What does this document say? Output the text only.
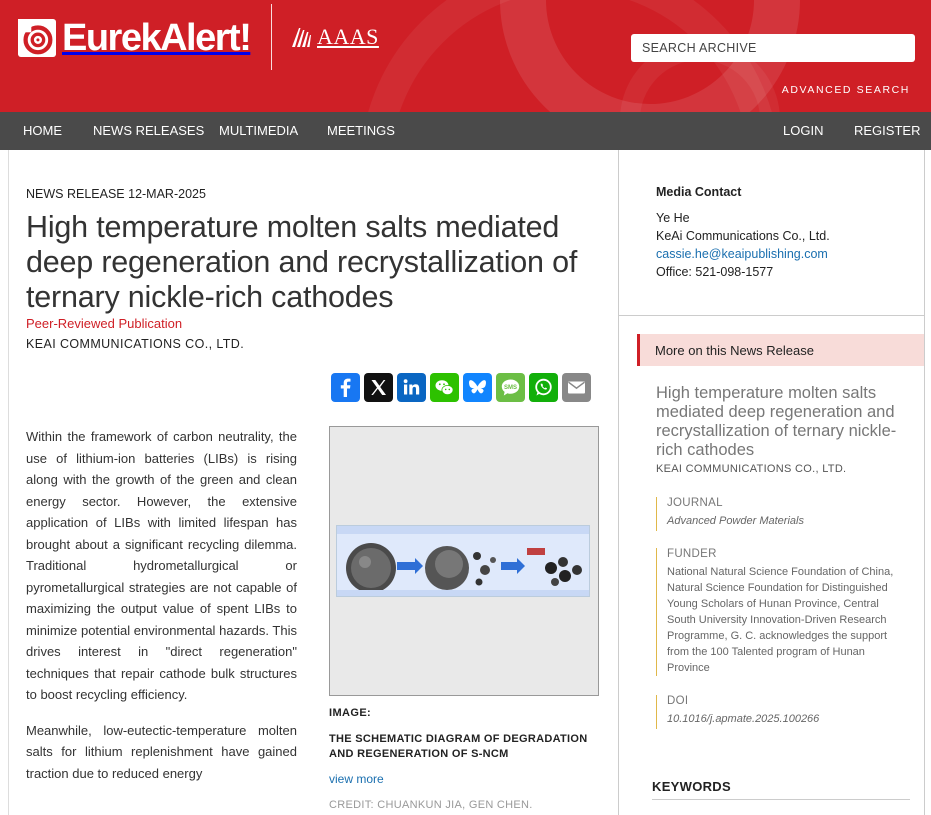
EurekAlert!	AAAS
SEARCH ARCHIVE
ADVANCED SEARCH
HOME NEWS RELEASES MULTIMEDIA MEETINGS	LOGIN REGISTER
NEWS RELEASE 12-MAR-2025
High temperature molten salts mediated deep regeneration and recrystallization of ternary nickle-rich cathodes
Peer-Reviewed Publication
KEAI COMMUNICATIONS CO., LTD.
SMS

Within the framework of carbon neutrality, the use of lithium-ion batteries (LIBs) is rising along with the growth of the green and clean energy sector. However, the extensive application of LIBs with limited lifespan has brought about a significant recycling dilemma. Traditional hydrometallurgical or pyrometallurgical strategies are not capable of maximizing the output value of spent LIBs to minimize potential environmental hazards. This drives interest in "direct regeneration" techniques that repair cathode bulk structures to boost recycling efficiency.

Meanwhile, low-eutectic-temperature molten salts for lithium replenishment have gained traction due to reduced energy

IMAGE:
THE SCHEMATIC DIAGRAM OF DEGRADATION AND REGENERATION OF S-NCM
view more
CREDIT: CHUANKUN JIA, GEN CHEN.
Media Contact
Ye He
KeAi Communications Co., Ltd.
cassie.he@keaipublishing.com
Office: 521-098-1577
More on this News Release
High temperature molten salts mediated deep regeneration and recrystallization of ternary nickle-rich cathodes
KEAI COMMUNICATIONS CO., LTD.
JOURNAL
Advanced Powder Materials
FUNDER
National Natural Science Foundation of China, Natural Science Foundation for Distinguished Young Scholars of Hunan Province, Central South University Innovation-Driven Research Programme, G. C. acknowledges the support from the 100 Talented program of Hunan Province
DOI
10.1016/j.apmate.2025.100266
KEYWORDS
